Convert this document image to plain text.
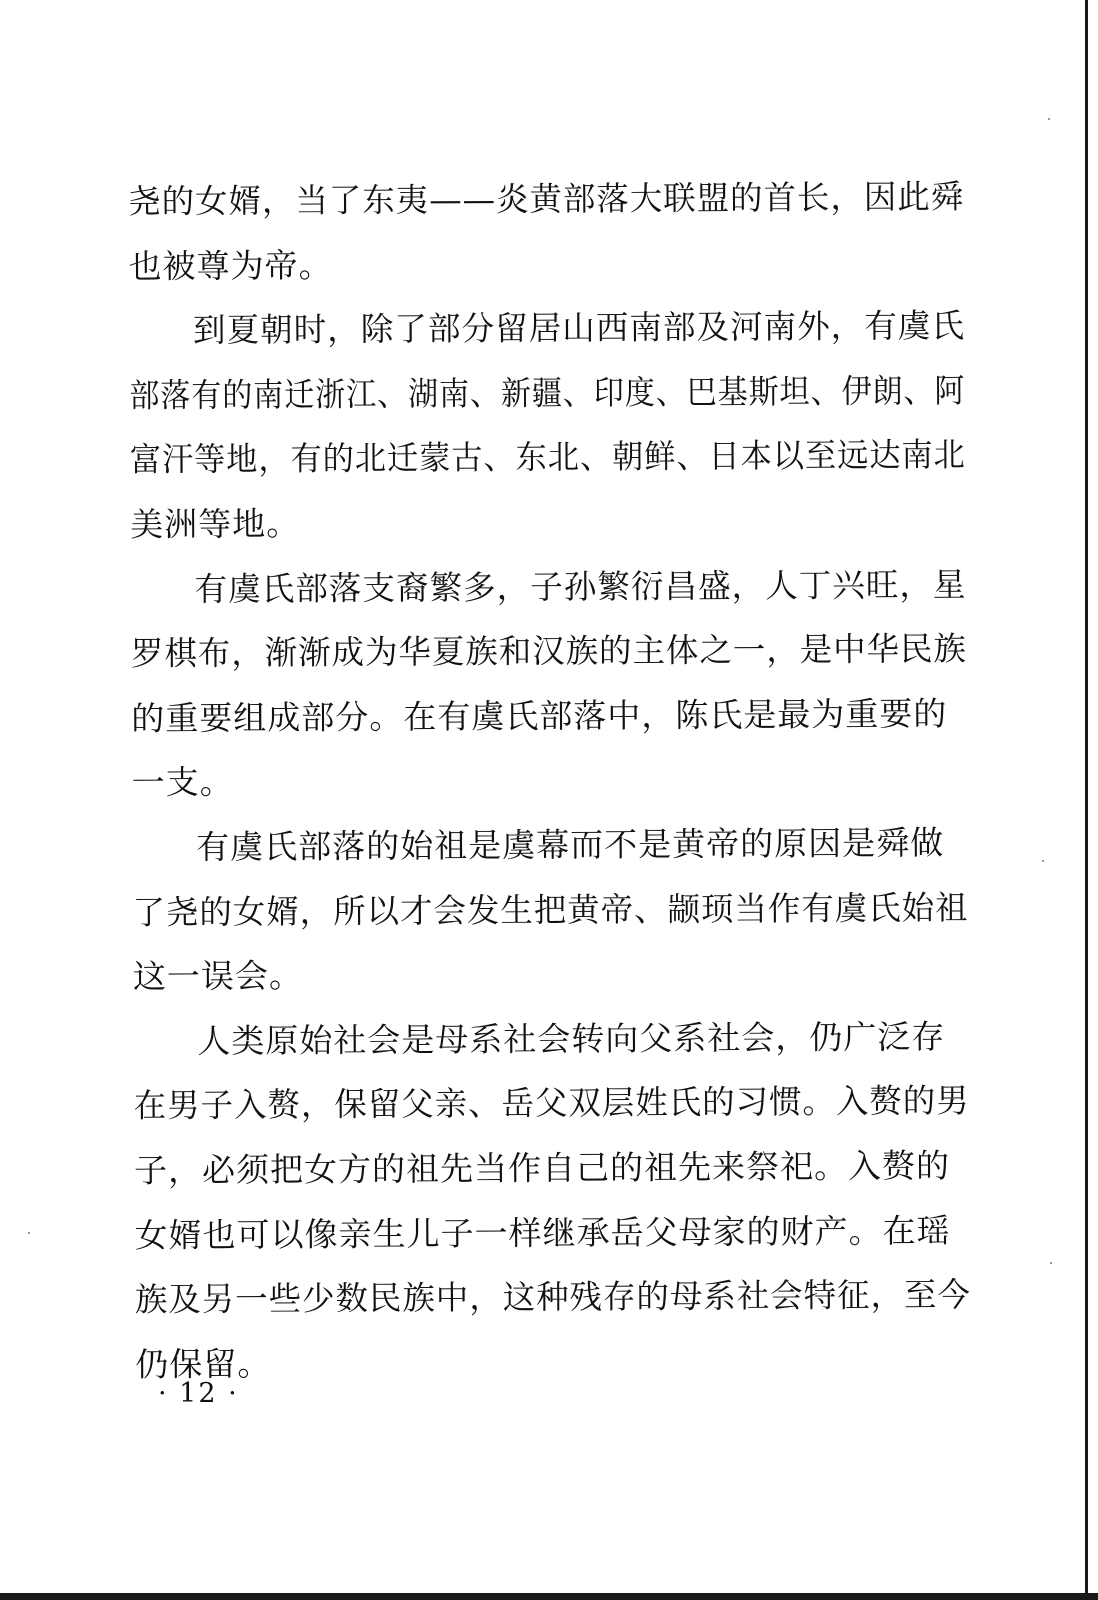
尧的女婿，当了东夷——炎黄部落大联盟的首长，因此舜
也被尊为帝。
到夏朝时，除了部分留居山西南部及河南外，有虞氏
部落有的南迁浙江、湖南、新疆、印度、巴基斯坦、伊朗、阿
富汗等地，有的北迁蒙古、东北、朝鲜、日本以至远达南北
美洲等地。
有虞氏部落支裔繁多，子孙繁衍昌盛，人丁兴旺，星
罗棋布，渐渐成为华夏族和汉族的主体之一，是中华民族
的重要组成部分。在有虞氏部落中，陈氏是最为重要的
一支。
有虞氏部落的始祖是虞幕而不是黄帝的原因是舜做
了尧的女婿，所以才会发生把黄帝、颛顼当作有虞氏始祖
这一误会。
人类原始社会是母系社会转向父系社会，仍广泛存
在男子入赘，保留父亲、岳父双层姓氏的习惯。入赘的男
子，必须把女方的祖先当作自己的祖先来祭祀。入赘的
女婿也可以像亲生儿子一样继承岳父母家的财产。在瑶
族及另一些少数民族中，这种残存的母系社会特征，至今
仍保留。
· 12 ·
